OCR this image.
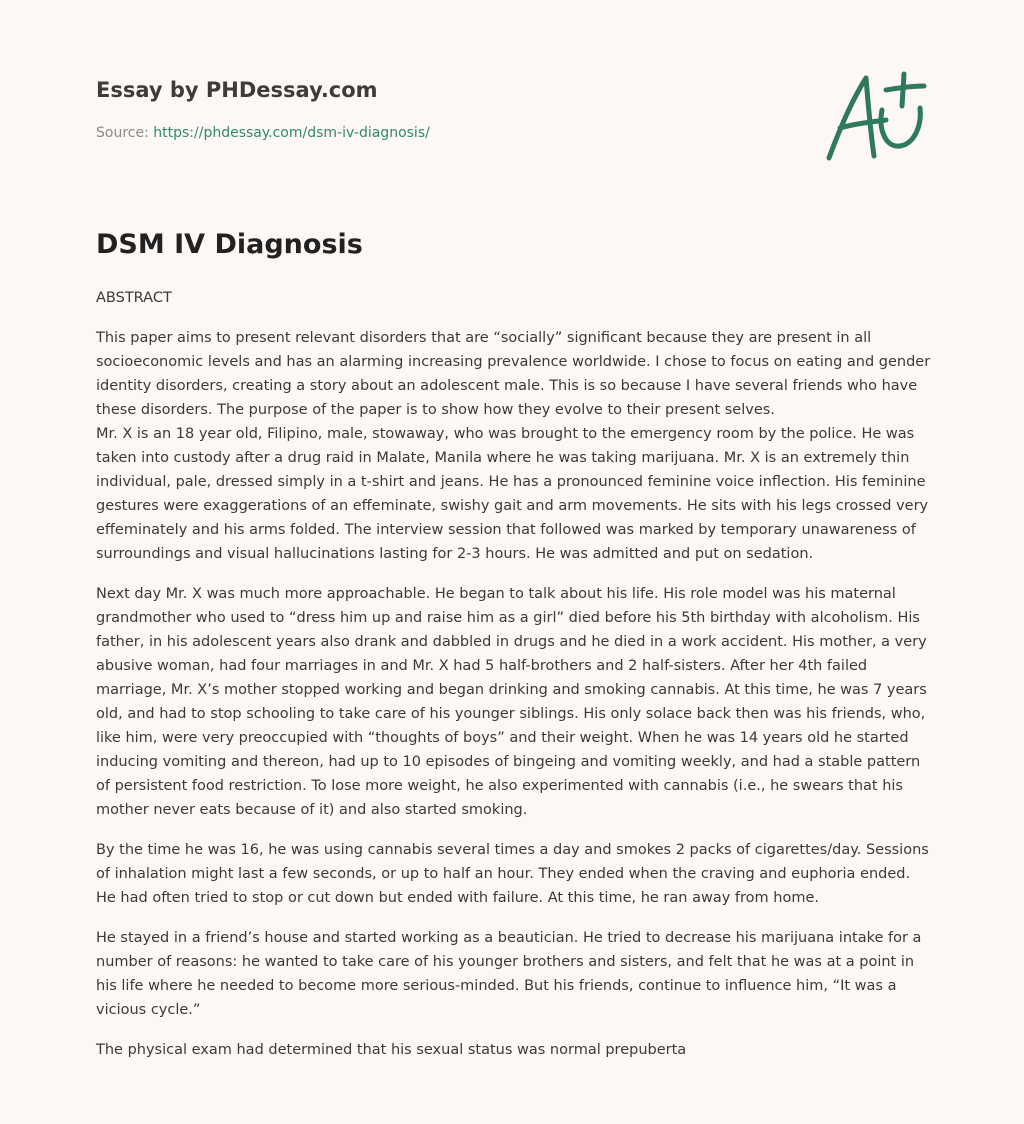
Essay by PHDessay.com
Source: https://phdessay.com/dsm-iv-diagnosis/
DSM IV Diagnosis

ABSTRACT

This paper aims to present relevant disorders that are “socially” significant because they are present in all socioeconomic levels and has an alarming increasing prevalence worldwide. I chose to focus on eating and gender identity disorders, creating a story about an adolescent male. This is so because I have several friends who have these disorders. The purpose of the paper is to show how they evolve to their present selves.

Mr. X is an 18 year old, Filipino, male, stowaway, who was brought to the emergency room by the police. He was taken into custody after a drug raid in Malate, Manila where he was taking marijuana. Mr. X is an extremely thin individual, pale, dressed simply in a t-shirt and jeans. He has a pronounced feminine voice inflection. His feminine gestures were exaggerations of an effeminate, swishy gait and arm movements. He sits with his legs crossed very effeminately and his arms folded. The interview session that followed was marked by temporary unawareness of surroundings and visual hallucinations lasting for 2-3 hours. He was admitted and put on sedation.

Next day Mr. X was much more approachable. He began to talk about his life. His role model was his maternal grandmother who used to “dress him up and raise him as a girl” died before his 5th birthday with alcoholism. His father, in his adolescent years also drank and dabbled in drugs and he died in a work accident. His mother, a very abusive woman, had four marriages in and Mr. X had 5 half-brothers and 2 half-sisters. After her 4th failed marriage, Mr. X’s mother stopped working and began drinking and smoking cannabis. At this time, he was 7 years old, and had to stop schooling to take care of his younger siblings. His only solace back then was his friends, who, like him, were very preoccupied with “thoughts of boys” and their weight. When he was 14 years old he started inducing vomiting and thereon, had up to 10 episodes of bingeing and vomiting weekly, and had a stable pattern of persistent food restriction. To lose more weight, he also experimented with cannabis (i.e., he swears that his mother never eats because of it) and also started smoking.

By the time he was 16, he was using cannabis several times a day and smokes 2 packs of cigarettes/day. Sessions of inhalation might last a few seconds, or up to half an hour. They ended when the craving and euphoria ended. He had often tried to stop or cut down but ended with failure. At this time, he ran away from home.

He stayed in a friend’s house and started working as a beautician. He tried to decrease his marijuana intake for a number of reasons: he wanted to take care of his younger brothers and sisters, and felt that he was at a point in his life where he needed to become more serious-minded. But his friends, continue to influence him, “It was a vicious cycle.”

The physical exam had determined that his sexual status was normal prepuberta
